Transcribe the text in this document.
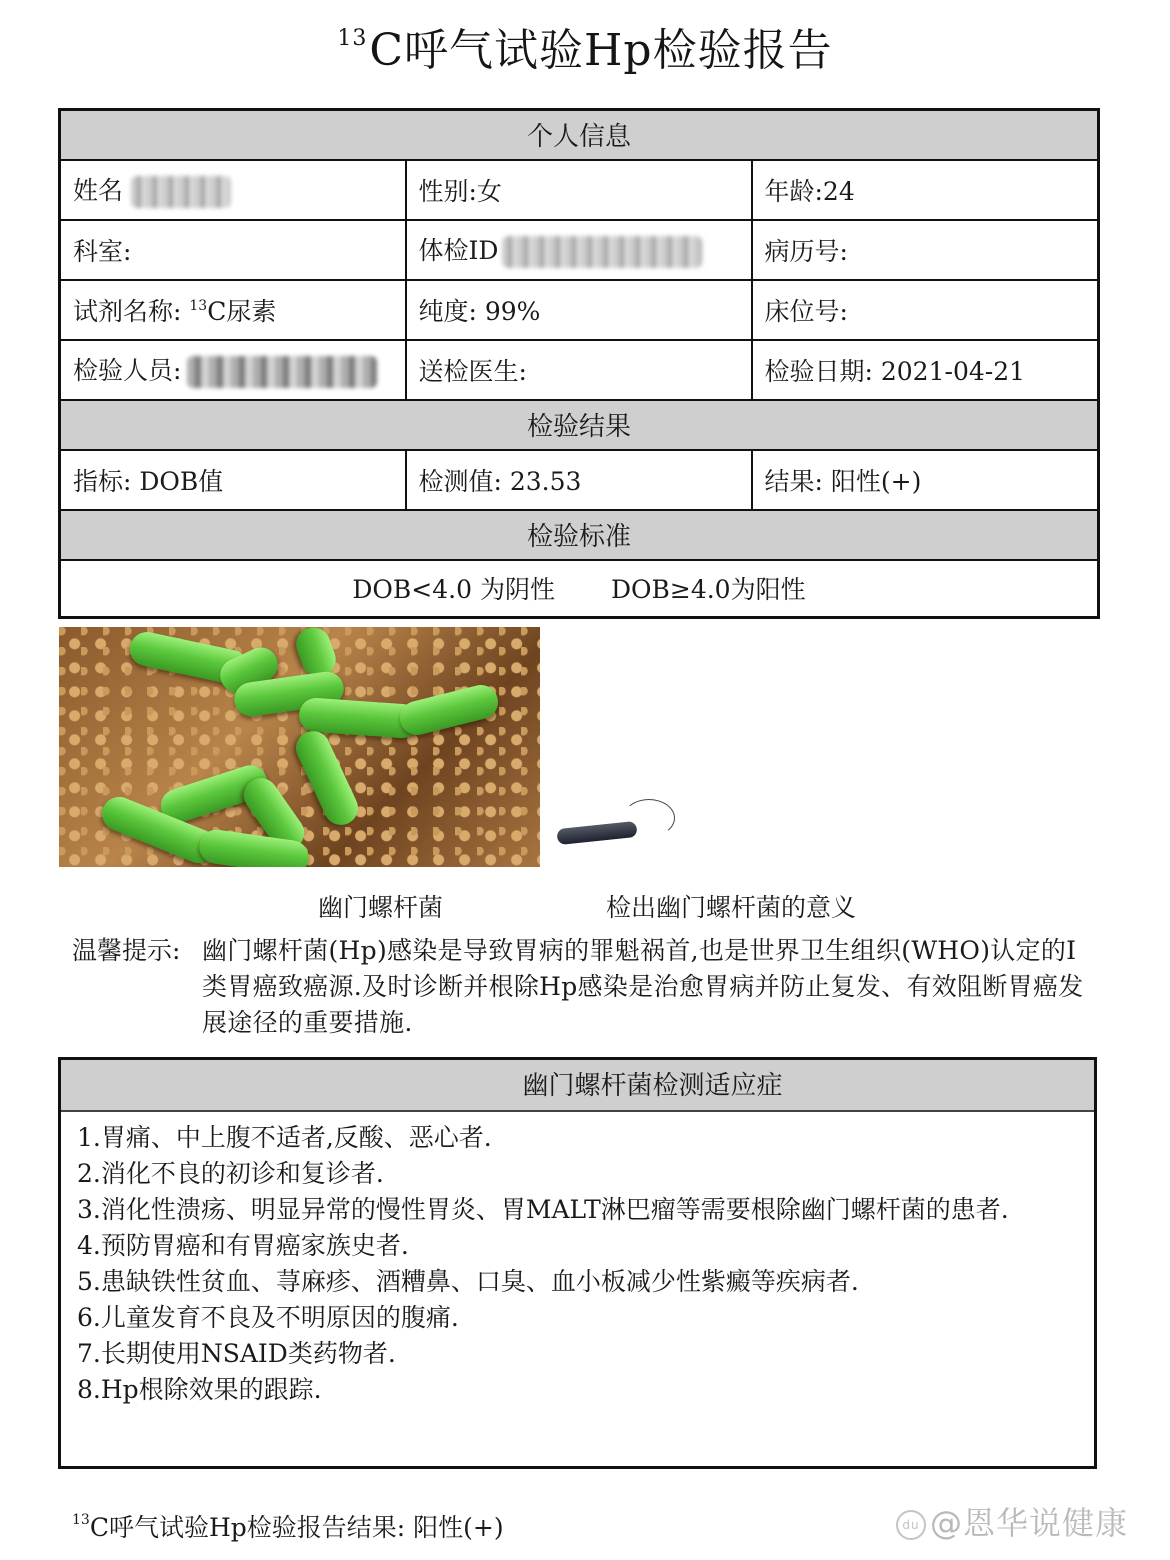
$^{13}$C呼气试验Hp检验报告
个人信息		
姓名	性别:女	年龄:24
科室:	体检ID	病历号:
试剂名称: $^{13}$C尿素	纯度: 99%	床位号:
检验人员:	送检医生:	检验日期: 2021-04-21
检验结果		
指标: DOB值	检测值: 23.53	结果: 阳性(+)
检验标准		
DOB<4.0 为阴性 DOB≥4.0为阳性		
幽门螺杆菌	检出幽门螺杆菌的意义
温馨提示: 幽门螺杆菌(Hp)感染是导致胃病的罪魁祸首,也是世界卫生组织(WHO)认定的I类胃癌致癌源.及时诊断并根除Hp感染是治愈胃病并防止复发、有效阻断胃癌发展途径的重要措施.
幽门螺杆菌检测适应症
1.胃痛、中上腹不适者,反酸、恶心者.
2.消化不良的初诊和复诊者.
3.消化性溃疡、明显异常的慢性胃炎、胃MALT淋巴瘤等需要根除幽门螺杆菌的患者.
4.预防胃癌和有胃癌家族史者.
5.患缺铁性贫血、荨麻疹、酒糟鼻、口臭、血小板减少性紫癜等疾病者.
6.儿童发育不良及不明原因的腹痛.
7.长期使用NSAID类药物者.
8.Hp根除效果的跟踪.
$^{13}$C呼气试验Hp检验报告结果: 阳性(+)	du @恩华说健康
